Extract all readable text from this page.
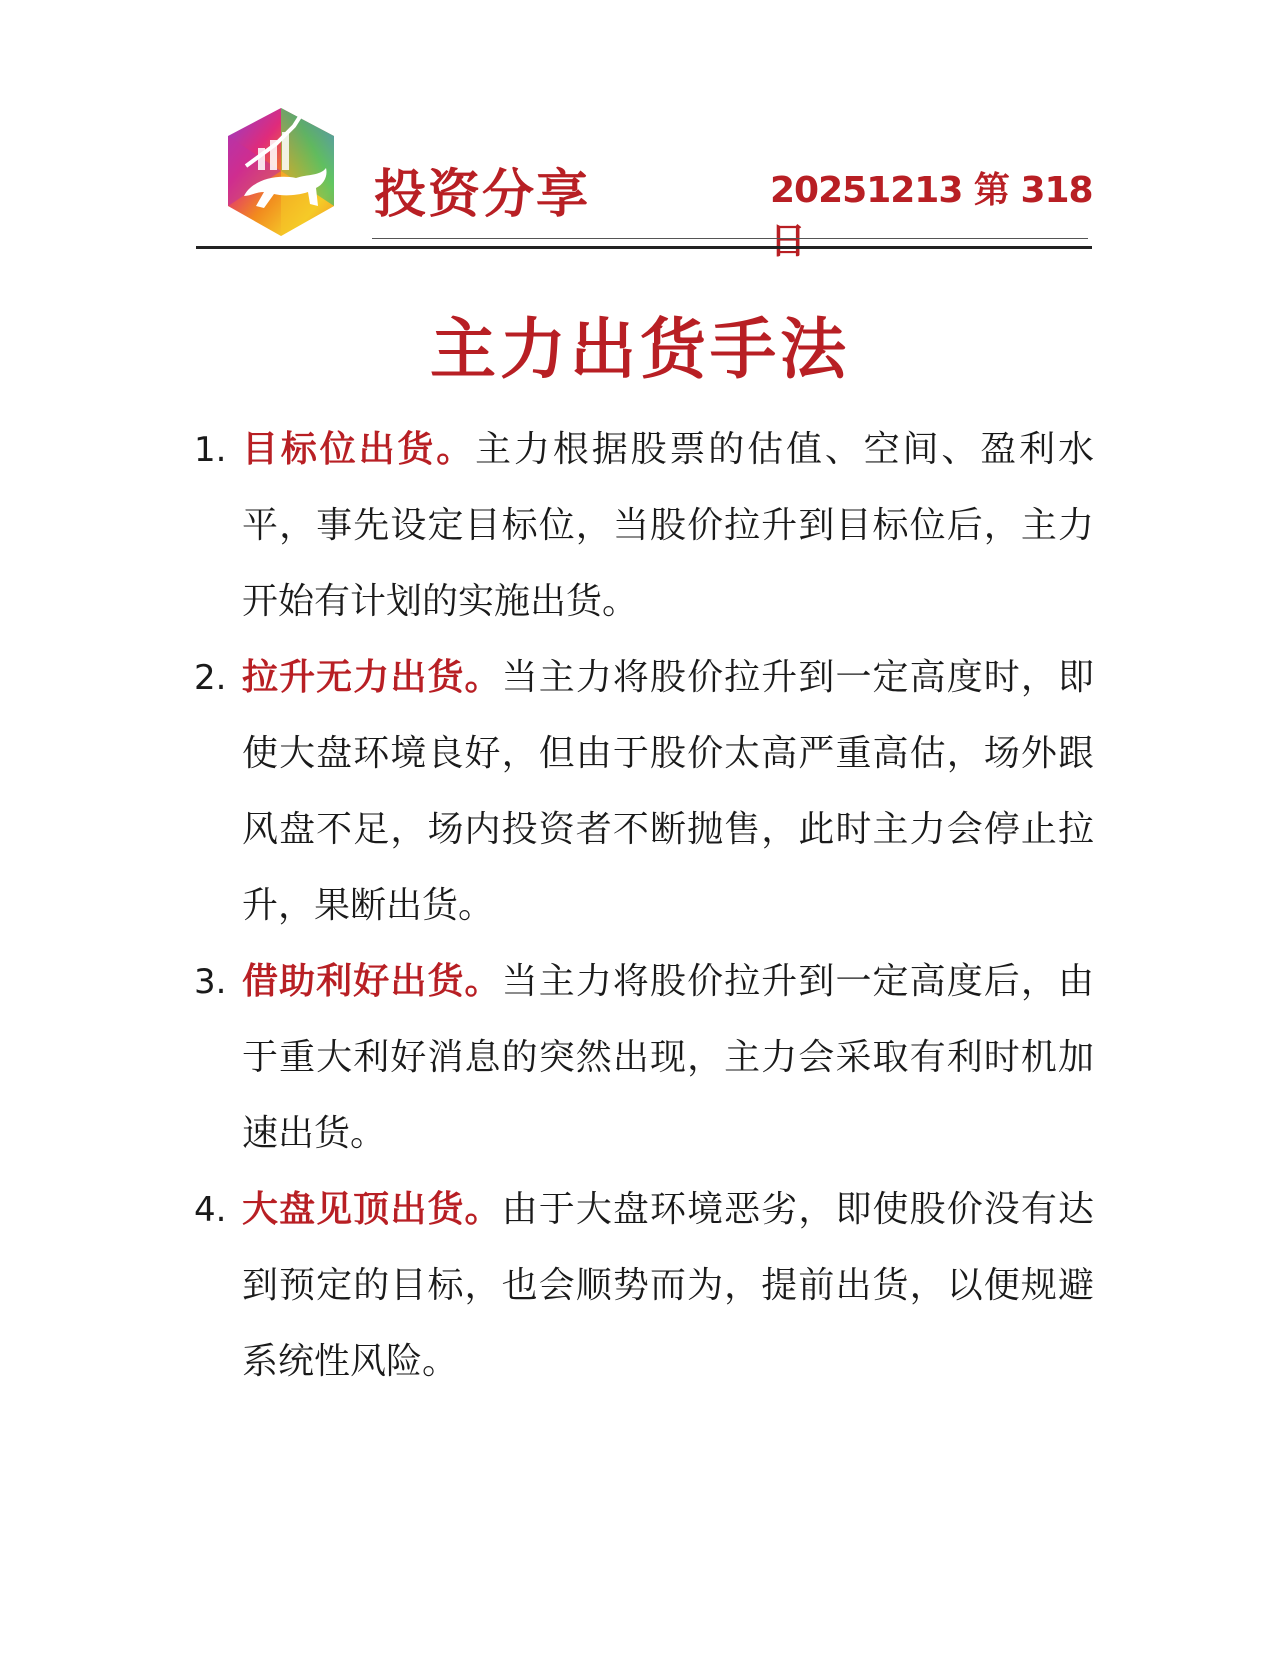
投资分享	20251213 第 318 日
主力出货手法
1. 目标位出货。主力根据股票的估值、空间、盈利水平，事先设定目标位，当股价拉升到目标位后，主力开始有计划的实施出货。
2. 拉升无力出货。当主力将股价拉升到一定高度时，即使大盘环境良好，但由于股价太高严重高估，场外跟风盘不足，场内投资者不断抛售，此时主力会停止拉升，果断出货。
3. 借助利好出货。当主力将股价拉升到一定高度后，由于重大利好消息的突然出现，主力会采取有利时机加速出货。
4. 大盘见顶出货。由于大盘环境恶劣，即使股价没有达到预定的目标，也会顺势而为，提前出货，以便规避系统性风险。
